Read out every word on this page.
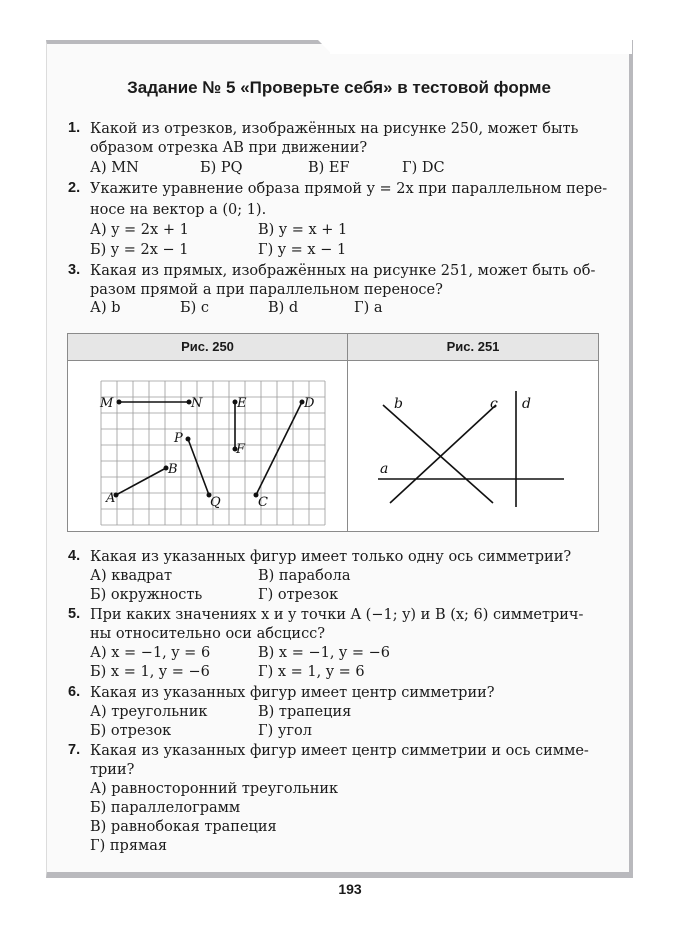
Задание № 5 «Проверьте себя» в тестовой форме
1. Какой из отрезков, изображённых на рисунке 250, может быть
образом отрезка AB при движении?
А) MN	Б) PQ	В) EF	Г) DC
2. Укажите уравнение образа прямой y = 2x при параллельном пере-
носе на вектор a (0; 1).
А) y = 2x + 1	В) y = x + 1
Б) y = 2x − 1	Г) y = x − 1
3. Какая из прямых, изображённых на рисунке 251, может быть об-
разом прямой a при параллельном переносе?
А) b	Б) c	В) d	Г) a
Рис. 250	Рис. 251
M	N	E	D
P
F
B
A	Q	C
b	c d
a
4. Какая из указанных фигур имеет только одну ось симметрии?
А) квадрат	В) парабола
Б) окружность	Г) отрезок
5. При каких значениях x и y точки A (−1; y) и B (x; 6) симметрич-
ны относительно оси абсцисс?
А) x = −1, y = 6	В) x = −1, y = −6
Б) x = 1, y = −6	Г) x = 1, y = 6
6. Какая из указанных фигур имеет центр симметрии?
А) треугольник	В) трапеция
Б) отрезок	Г) угол
7. Какая из указанных фигур имеет центр симметрии и ось симме-
трии?
А) равносторонний треугольник
Б) параллелограмм
В) равнобокая трапеция
Г) прямая
193
